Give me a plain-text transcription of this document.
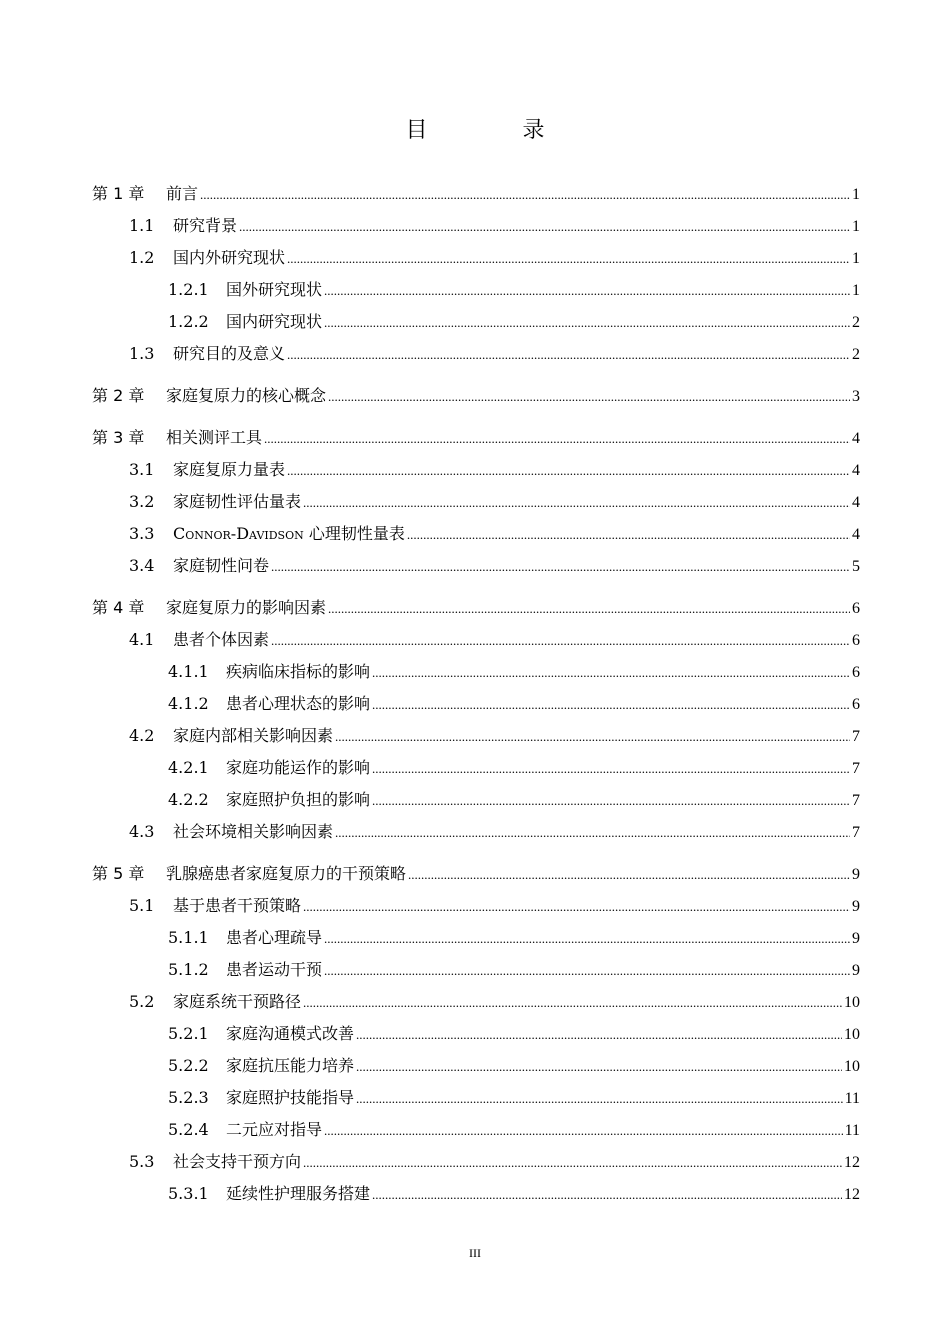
目 录
第 1 章	前言 .....	1
1.1	研究背景 .....	1
1.2	国内外研究现状 .....	1
1.2.1	国外研究现状 .....	1
1.2.2	国内研究现状 .....	2
1.3	研究目的及意义 .....	2
第 2 章	家庭复原力的核心概念 .....	3
第 3 章	相关测评工具 .....	4
3.1	家庭复原力量表 .....	4
3.2	家庭韧性评估量表 .....	4
3.3	Connor-Davidson 心理韧性量表 .....	4
3.4	家庭韧性问卷 .....	5
第 4 章	家庭复原力的影响因素 .....	6
4.1	患者个体因素 .....	6
4.1.1	疾病临床指标的影响 .....	6
4.1.2	患者心理状态的影响 .....	6
4.2	家庭内部相关影响因素 .....	7
4.2.1	家庭功能运作的影响 .....	7
4.2.2	家庭照护负担的影响 .....	7
4.3	社会环境相关影响因素 .....	7
第 5 章	乳腺癌患者家庭复原力的干预策略 .....	9
5.1	基于患者干预策略 .....	9
5.1.1	患者心理疏导 .....	9
5.1.2	患者运动干预 .....	9
5.2	家庭系统干预路径 .....	10
5.2.1	家庭沟通模式改善 .....	10
5.2.2	家庭抗压能力培养 .....	10
5.2.3	家庭照护技能指导 .....	11
5.2.4	二元应对指导 .....	11
5.3	社会支持干预方向 .....	12
5.3.1	延续性护理服务搭建 .....	12
III
